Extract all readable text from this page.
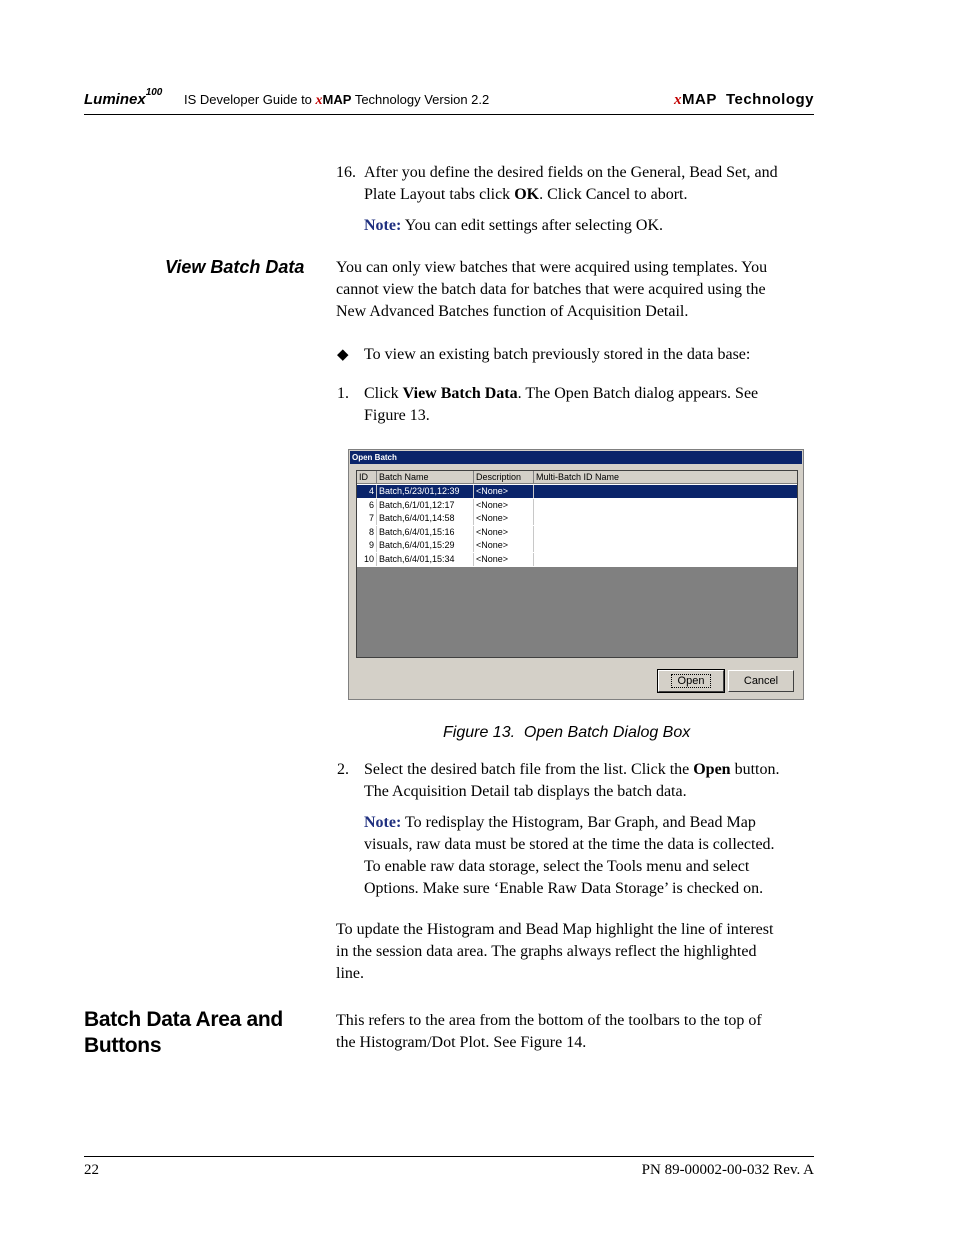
Luminex$^{100}$ IS Developer Guide to xMAP Technology Version 2.2	xMAP  Technology
16. After you define the desired fields on the General, Bead Set, and
Plate Layout tabs click OK. Click Cancel to abort.
Note: You can edit settings after selecting OK.
View Batch Data You can only view batches that were acquired using templates. You
cannot view the batch data for batches that were acquired using the
New Advanced Batches function of Acquisition Detail.
◆ To view an existing batch previously stored in the data base:
1. Click View Batch Data. The Open Batch dialog appears. See
Figure 13.
Open Batch
ID	Batch Name	Description	Multi-Batch ID Name
4 Batch,5/23/01,12:39	<None>
6 Batch,6/1/01,12:17	<None>
7 Batch,6/4/01,14:58	<None>
8 Batch,6/4/01,15:16	<None>
9 Batch,6/4/01,15:29	<None>
10 Batch,6/4/01,15:34	<None>
Open	Cancel
Figure 13.  Open Batch Dialog Box
2. Select the desired batch file from the list. Click the Open button.
The Acquisition Detail tab displays the batch data.
Note: To redisplay the Histogram, Bar Graph, and Bead Map
visuals, raw data must be stored at the time the data is collected.
To enable raw data storage, select the Tools menu and select
Options. Make sure ‘Enable Raw Data Storage’ is checked on.
To update the Histogram and Bead Map highlight the line of interest
in the session data area. The graphs always reflect the highlighted
line.
Batch Data Area and
Buttons
This refers to the area from the bottom of the toolbars to the top of
the Histogram/Dot Plot. See Figure 14.
22	PN 89-00002-00-032 Rev. A
